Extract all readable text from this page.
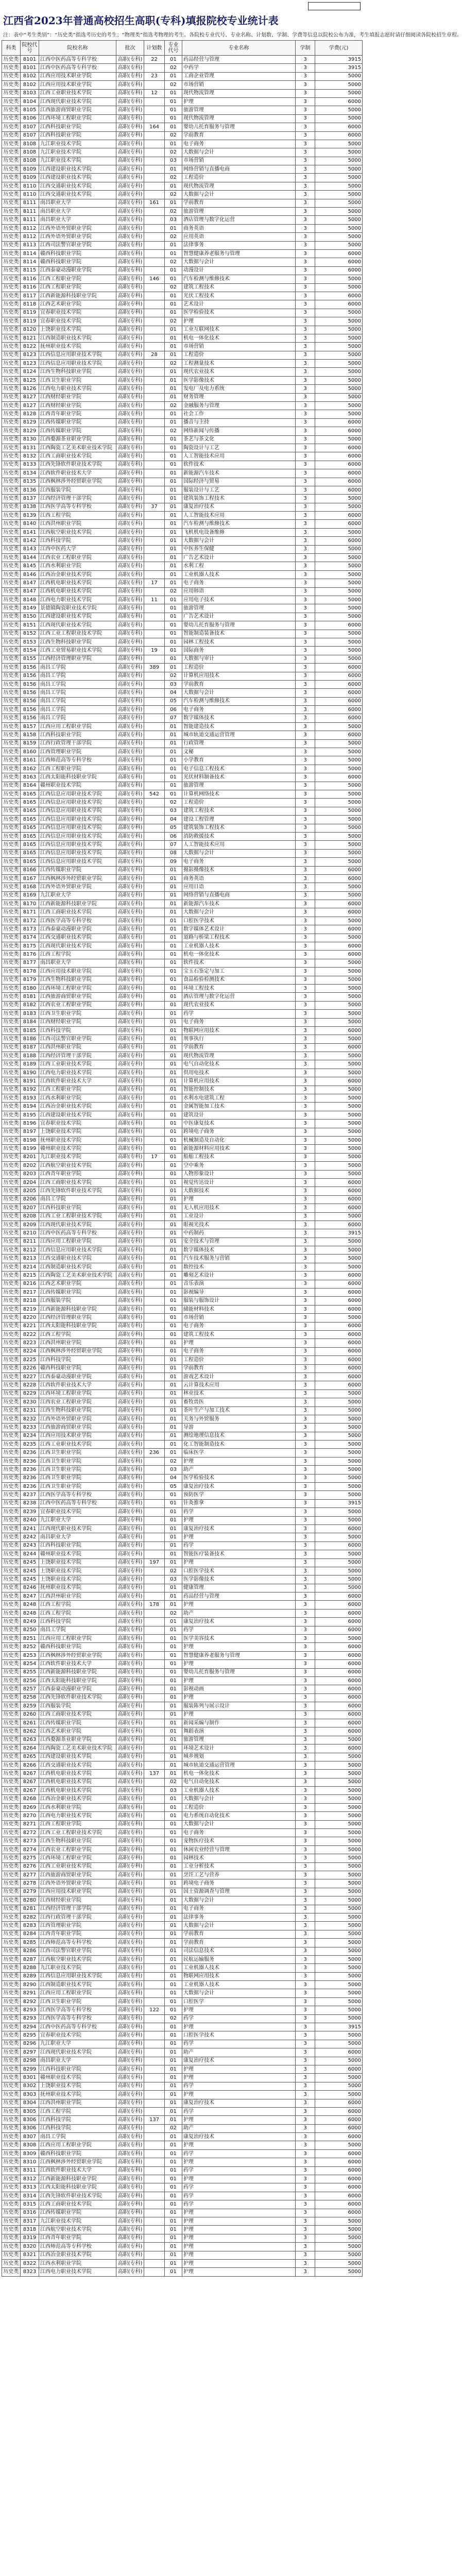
江西省2023年普通高校招生高职(专科)填报院校专业统计表
注：表中“考生类别”：“历史类”指选考历史的考生；“物理类”指选考物理的考生。各院校专业代号、专业名称、计划数、学制、学费等信息以院校公布为准，考生填报志愿时请仔细阅读各院校招生章程。
科类	院校代号	院校名称	批次	计划数	专业代号	专业名称	学制	学费(元)
历史类	8101	江西中医药高等专科学校	高职(专科)	22	01	药品经营与管理	3	3915
历史类	8101	江西中医药高等专科学校	高职(专科)		02	中药学	3	3915
历史类	8102	江西应用技术职业学院	高职(专科)	23	01	工商企业管理	3	5000
历史类	8102	江西应用技术职业学院	高职(专科)		02	市场营销	3	5000
历史类	8103	江西工业职业技术学院	高职(专科)	12	01	现代物流管理	3	5000
历史类	8104	江西现代职业技术学院	高职(专科)		01	护理	3	6000
历史类	8105	江西旅游商贸职业学院	高职(专科)		01	旅游管理	3	5000
历史类	8106	江西环境工程职业学院	高职(专科)		01	现代物流管理	3	5000
历史类	8107	江西科技职业学院	高职(专科)	164	01	婴幼儿托育服务与管理	3	6000
历史类	8107	江西科技职业学院	高职(专科)		02	学前教育	3	6000
历史类	8108	九江职业技术学院	高职(专科)		01	电子商务	3	5000
历史类	8108	九江职业技术学院	高职(专科)		02	大数据与会计	3	5000
历史类	8108	九江职业技术学院	高职(专科)		03	市场营销	3	5000
历史类	8109	江西建设职业技术学院	高职(专科)		01	网络营销与直播电商	3	5000
历史类	8109	江西建设职业技术学院	高职(专科)		02	工程造价	3	5000
历史类	8110	江西交通职业技术学院	高职(专科)		01	现代物流管理	3	5000
历史类	8110	江西交通职业技术学院	高职(专科)		02	大数据与会计	3	5000
历史类	8111	南昌职业大学	高职(专科)	161	01	学前教育	3	5000
历史类	8111	南昌职业大学	高职(专科)		02	旅游管理	3	5000
历史类	8111	南昌职业大学	高职(专科)		03	酒店管理与数字化运营	3	5000
历史类	8112	江西外语外贸职业学院	高职(专科)		01	商务英语	3	5000
历史类	8112	江西外语外贸职业学院	高职(专科)		02	应用英语	3	5000
历史类	8113	江西司法警官职业学院	高职(专科)		01	法律事务	3	5000
历史类	8114	赣西科技职业学院	高职(专科)		01	智慧健康养老服务与管理	3	6000
历史类	8114	赣西科技职业学院	高职(专科)		02	大数据与会计	3	6000
历史类	8115	江西泰豪动漫职业学院	高职(专科)		01	动漫设计	3	6000
历史类	8116	江西工程职业学院	高职(专科)	146	01	汽车检测与维修技术	3	5000
历史类	8116	江西工程职业学院	高职(专科)		02	建筑工程技术	3	5000
历史类	8117	江西新能源科技职业学院	高职(专科)		01	光伏工程技术	3	6000
历史类	8118	江西艺术职业学院	高职(专科)		01	艺术设计	3	6000
历史类	8119	宜春职业技术学院	高职(专科)		01	医学检验技术	3	5000
历史类	8119	宜春职业技术学院	高职(专科)		02	护理	3	5000
历史类	8120	上饶职业技术学院	高职(专科)		01	工业互联网技术	3	5000
历史类	8121	江西制造职业技术学院	高职(专科)		01	机电一体化技术	3	5000
历史类	8122	抚州职业技术学院	高职(专科)		01	市场营销	3	5000
历史类	8123	江西信息应用职业技术学院	高职(专科)	28	01	工程造价	3	5000
历史类	8123	江西信息应用职业技术学院	高职(专科)		02	工程测量技术	3	5000
历史类	8124	江西生物科技职业学院	高职(专科)		01	现代农业技术	3	5000
历史类	8125	江西卫生职业学院	高职(专科)		01	医学影像技术	3	5000
历史类	8126	江西电力职业技术学院	高职(专科)		01	发电厂及电力系统	3	5000
历史类	8127	江西财经职业学院	高职(专科)		01	财务管理	3	5000
历史类	8127	江西财经职业学院	高职(专科)		02	金融服务与管理	3	5000
历史类	8128	江西青年职业学院	高职(专科)		01	社会工作	3	5000
历史类	8129	江西传媒职业学院	高职(专科)		01	播音与主持	3	6000
历史类	8129	江西传媒职业学院	高职(专科)		02	网络新闻与传播	3	6000
历史类	8130	江西婺源茶业职业学院	高职(专科)		01	茶艺与茶文化	3	5000
历史类	8131	江西陶瓷工艺美术职业技术学院	高职(专科)		01	陶瓷设计与工艺	3	6000
历史类	8132	江西工商职业技术学院	高职(专科)		01	人工智能技术应用	3	6000
历史类	8133	江西先锋软件职业技术学院	高职(专科)		01	软件技术	3	6000
历史类	8134	江西软件职业技术大学	高职(专科)		01	新能源汽车技术	3	6000
历史类	8135	江西枫林涉外经贸职业学院	高职(专科)		01	国际经济与贸易	3	6000
历史类	8136	江西服装学院	高职(专科)		01	服装设计与工艺	3	6000
历史类	8137	江西经济管理干部学院	高职(专科)		01	建筑装饰工程技术	3	5000
历史类	8138	江西医学高等专科学校	高职(专科)	37	01	康复治疗技术	3	5000
历史类	8139	江西工程学院	高职(专科)		01	人工智能技术应用	3	6000
历史类	8140	江西洪州职业学院	高职(专科)		01	汽车检测与维修技术	3	6000
历史类	8141	江西航空职业技术学院	高职(专科)		01	飞机机电设备维修	3	5000
历史类	8142	江西科技学院	高职(专科)		01	大数据与会计	3	6000
历史类	8143	江西中医药大学	高职(专科)		01	中医养生保健	3	5000
历史类	8144	江西农业工程职业学院	高职(专科)		01	广告艺术设计	3	5000
历史类	8145	江西水利职业学院	高职(专科)		01	水利工程	3	5000
历史类	8146	江西冶金职业技术学院	高职(专科)		01	工业机器人技术	3	5000
历史类	8147	江西机电职业技术学院	高职(专科)	17	01	电子商务	3	5000
历史类	8147	江西机电职业技术学院	高职(专科)		02	应用韩语	3	5000
历史类	8148	江西电力职业技术学院	高职(专科)	11	01	应用电子技术	3	5000
历史类	8149	景德镇陶瓷职业技术学院	高职(专科)		01	旅游管理	3	5000
历史类	8150	江西建设职业技术学院	高职(专科)		01	广告艺术设计	3	5000
历史类	8151	江西现代职业技术学院	高职(专科)		01	婴幼儿托育服务与管理	3	6000
历史类	8152	江西工业工程职业技术学院	高职(专科)		01	智能制造装备技术	3	5000
历史类	8153	江西生物科技职业学院	高职(专科)		01	园林工程技术	3	5000
历史类	8154	江西工业贸易职业技术学院	高职(专科)	19	01	国际商务	3	5000
历史类	8155	江西经济管理职业学院	高职(专科)		01	大数据与审计	3	5000
历史类	8156	南昌工学院	高职(专科)	389	01	工程造价	3	6000
历史类	8156	南昌工学院	高职(专科)		02	计算机应用技术	3	6000
历史类	8156	南昌工学院	高职(专科)		03	学前教育	3	6000
历史类	8156	南昌工学院	高职(专科)		04	大数据与会计	3	6000
历史类	8156	南昌工学院	高职(专科)		05	汽车检测与维修技术	3	6000
历史类	8156	南昌工学院	高职(专科)		06	电子商务	3	6000
历史类	8156	南昌工学院	高职(专科)		07	数字媒体技术	3	6000
历史类	8157	江西应用工程职业学院	高职(专科)		01	智能建造技术	3	5000
历史类	8158	江西科技职业学院	高职(专科)		01	城市轨道交通运营管理	3	6000
历史类	8159	江西行政管理干部学院	高职(专科)		01	行政管理	3	5000
历史类	8160	江西管理职业学院	高职(专科)		01	文秘	3	5000
历史类	8161	江西师范高等专科学校	高职(专科)		01	小学教育	3	5000
历史类	8162	江西工程职业学院	高职(专科)		01	电子信息工程技术	3	5000
历史类	8163	江西太阳能科技职业学院	高职(专科)		01	光伏材料制备技术	3	6000
历史类	8164	赣州职业技术学院	高职(专科)		01	旅游管理	3	5000
历史类	8165	江西信息应用职业技术学院	高职(专科)	542	01	计算机网络技术	3	5000
历史类	8165	江西信息应用职业技术学院	高职(专科)		02	工程造价	3	5000
历史类	8165	江西信息应用职业技术学院	高职(专科)		03	建筑工程技术	3	5000
历史类	8165	江西信息应用职业技术学院	高职(专科)		04	建设工程管理	3	5000
历史类	8165	江西信息应用职业技术学院	高职(专科)		05	建筑装饰工程技术	3	5000
历史类	8165	江西信息应用职业技术学院	高职(专科)		06	消防救援技术	3	5000
历史类	8165	江西信息应用职业技术学院	高职(专科)		07	人工智能技术应用	3	5000
历史类	8165	江西信息应用职业技术学院	高职(专科)		08	大数据与会计	3	5000
历史类	8165	江西信息应用职业技术学院	高职(专科)		09	电子商务	3	5000
历史类	8166	江西传媒职业学院	高职(专科)		01	摄影摄像技术	3	6000
历史类	8167	江西枫林涉外经贸职业学院	高职(专科)		01	商务英语	3	6000
历史类	8168	江西外语外贸职业学院	高职(专科)		01	应用日语	3	5000
历史类	8169	九江职业大学	高职(专科)		01	网络营销与直播电商	3	5000
历史类	8170	江西新能源科技职业学院	高职(专科)		01	新能源汽车技术	3	6000
历史类	8171	江西工商职业技术学院	高职(专科)		01	大数据与会计	3	6000
历史类	8172	江西医学高等专科学校	高职(专科)		01	口腔医学技术	3	5000
历史类	8173	江西泰豪动漫职业学院	高职(专科)		01	数字媒体艺术设计	3	6000
历史类	8174	江西交通职业技术学院	高职(专科)		01	道路与桥梁工程技术	3	5000
历史类	8175	江西现代职业技术学院	高职(专科)		01	工业机器人技术	3	6000
历史类	8176	江西工程学院	高职(专科)		01	机电一体化技术	3	6000
历史类	8177	南昌职业大学	高职(专科)		01	软件技术	3	5000
历史类	8178	江西应用技术职业学院	高职(专科)		01	宝玉石鉴定与加工	3	5000
历史类	8179	江西生物科技职业学院	高职(专科)		01	食品检验检测技术	3	5000
历史类	8180	江西环境工程职业学院	高职(专科)		01	环境工程技术	3	5000
历史类	8181	江西旅游商贸职业学院	高职(专科)		01	酒店管理与数字化运营	3	5000
历史类	8182	江西农业工程职业学院	高职(专科)		01	现代农业技术	3	5000
历史类	8183	江西卫生职业学院	高职(专科)		01	药学	3	5000
历史类	8184	江西财经职业学院	高职(专科)		01	电子商务	3	5000
历史类	8185	江西科技学院	高职(专科)		01	物联网应用技术	3	6000
历史类	8186	江西司法警官职业学院	高职(专科)		01	刑事执行	3	5000
历史类	8187	江西洪州职业学院	高职(专科)		01	学前教育	3	6000
历史类	8188	江西经济管理干部学院	高职(专科)		01	现代物流管理	3	5000
历史类	8189	江西工业职业技术学院	高职(专科)		01	电气自动化技术	3	5000
历史类	8190	江西电力职业技术学院	高职(专科)		01	供用电技术	3	5000
历史类	8191	江西软件职业技术大学	高职(专科)		01	计算机应用技术	3	6000
历史类	8192	江西工程职业学院	高职(专科)		01	智能控制技术	3	5000
历史类	8193	江西水利职业学院	高职(专科)		01	水利水电建筑工程	3	5000
历史类	8194	江西冶金职业技术学院	高职(专科)		01	金属智能加工技术	3	5000
历史类	8195	江西建设职业技术学院	高职(专科)		01	建筑设计	3	5000
历史类	8196	宜春职业技术学院	高职(专科)		01	中医康复技术	3	5000
历史类	8197	上饶职业技术学院	高职(专科)		01	跨境电子商务	3	5000
历史类	8198	抚州职业技术学院	高职(专科)		01	机械制造及自动化	3	5000
历史类	8199	赣州职业技术学院	高职(专科)		01	新能源材料应用技术	3	5000
历史类	8201	九江职业技术学院	高职(专科)	17	01	船舶工程技术	3	5000
历史类	8202	江西航空职业技术学院	高职(专科)		01	空中乘务	3	5000
历史类	8203	江西青年职业学院	高职(专科)		01	人物形象设计	3	5000
历史类	8204	江西工商职业技术学院	高职(专科)		01	视觉传达设计	3	6000
历史类	8205	江西先锋软件职业技术学院	高职(专科)		01	大数据技术	3	6000
历史类	8206	南昌工学院	高职(专科)		01	护理	3	6000
历史类	8207	江西科技职业学院	高职(专科)		01	无人机应用技术	3	6000
历史类	8208	江西工业工程职业技术学院	高职(专科)		01	工业设计	3	5000
历史类	8209	江西现代职业技术学院	高职(专科)		01	眼视光技术	3	6000
历史类	8210	江西中医药高等专科学校	高职(专科)		01	中药制药	3	3915
历史类	8211	江西应用工程职业学院	高职(专科)		01	安全技术与管理	3	5000
历史类	8212	江西信息应用职业技术学院	高职(专科)		01	数字媒体技术	3	5000
历史类	8213	江西交通职业技术学院	高职(专科)		01	汽车技术服务与营销	3	5000
历史类	8214	江西制造职业技术学院	高职(专科)		01	数控技术	3	5000
历史类	8215	江西陶瓷工艺美术职业技术学院	高职(专科)		01	雕刻艺术设计	3	6000
历史类	8216	江西艺术职业学院	高职(专科)		01	音乐表演	3	6000
历史类	8217	江西传媒职业学院	高职(专科)		01	影视编导	3	6000
历史类	8218	江西服装学院	高职(专科)		01	服装与服饰设计	3	6000
历史类	8219	江西新能源科技职业学院	高职(专科)		01	储能材料技术	3	6000
历史类	8220	江西经济管理职业学院	高职(专科)		01	市场营销	3	5000
历史类	8221	江西太阳能科技职业学院	高职(专科)		01	电子商务	3	6000
历史类	8222	江西工程学院	高职(专科)		01	建筑工程技术	3	6000
历史类	8223	江西洪州职业学院	高职(专科)		01	护理	3	6000
历史类	8224	江西枫林涉外经贸职业学院	高职(专科)		01	电子商务	3	6000
历史类	8225	江西科技学院	高职(专科)		01	工程造价	3	6000
历史类	8226	赣西科技职业学院	高职(专科)		01	学前教育	3	6000
历史类	8227	江西泰豪动漫职业学院	高职(专科)		01	游戏艺术设计	3	6000
历史类	8228	江西软件职业技术大学	高职(专科)		01	云计算技术应用	3	6000
历史类	8229	江西环境工程职业学院	高职(专科)		01	林业技术	3	5000
历史类	8230	江西农业工程职业学院	高职(专科)		01	畜牧兽医	3	5000
历史类	8231	江西生物科技职业学院	高职(专科)		01	茶叶生产与加工技术	3	5000
历史类	8232	江西外语外贸职业学院	高职(专科)		01	关务与外贸服务	3	5000
历史类	8233	江西旅游商贸职业学院	高职(专科)		01	导游	3	5000
历史类	8234	江西应用技术职业学院	高职(专科)		01	测绘地理信息技术	3	5000
历史类	8235	江西工业职业技术学院	高职(专科)		01	化工智能制造技术	3	5000
历史类	8236	江西卫生职业学院	高职(专科)	236	01	临床医学	3	5000
历史类	8236	江西卫生职业学院	高职(专科)		02	护理	3	5000
历史类	8236	江西卫生职业学院	高职(专科)		03	助产	3	5000
历史类	8236	江西卫生职业学院	高职(专科)		04	医学检验技术	3	5000
历史类	8236	江西卫生职业学院	高职(专科)		05	康复治疗技术	3	5000
历史类	8237	江西医学高等专科学校	高职(专科)		01	预防医学	3	5000
历史类	8238	江西中医药高等专科学校	高职(专科)		01	针灸推拿	3	3915
历史类	8239	宜春职业技术学院	高职(专科)		01	药学	3	5000
历史类	8240	九江职业大学	高职(专科)		01	护理	3	5000
历史类	8241	江西现代职业技术学院	高职(专科)		01	康复治疗技术	3	6000
历史类	8242	南昌职业大学	高职(专科)		01	护理	3	5000
历史类	8243	江西科技职业学院	高职(专科)		01	药学	3	6000
历史类	8244	赣州职业技术学院	高职(专科)		01	智能医疗装备技术	3	5000
历史类	8245	上饶职业技术学院	高职(专科)	197	01	护理	3	5000
历史类	8245	上饶职业技术学院	高职(专科)		02	口腔医学技术	3	5000
历史类	8245	上饶职业技术学院	高职(专科)		03	医学影像技术	3	5000
历史类	8246	抚州职业技术学院	高职(专科)		01	健康管理	3	5000
历史类	8247	江西洪州职业学院	高职(专科)		01	药品经营与管理	3	6000
历史类	8248	江西工程学院	高职(专科)	178	01	护理	3	6000
历史类	8248	江西工程学院	高职(专科)		02	助产	3	6000
历史类	8249	江西科技学院	高职(专科)		01	康复治疗技术	3	6000
历史类	8250	南昌工学院	高职(专科)		01	药学	3	6000
历史类	8251	江西应用工程职业学院	高职(专科)		01	医学美容技术	3	5000
历史类	8252	赣西科技职业学院	高职(专科)		01	护理	3	6000
历史类	8253	江西枫林涉外经贸职业学院	高职(专科)		01	智慧健康养老服务与管理	3	6000
历史类	8254	江西软件职业技术大学	高职(专科)		01	护理	3	6000
历史类	8255	江西新能源科技职业学院	高职(专科)		01	婴幼儿托育服务与管理	3	6000
历史类	8256	江西太阳能科技职业学院	高职(专科)		01	护理	3	6000
历史类	8257	江西泰豪动漫职业学院	高职(专科)		01	影视动画	3	6000
历史类	8258	江西先锋软件职业技术学院	高职(专科)		01	护理	3	6000
历史类	8259	江西服装学院	高职(专科)		01	服装陈列与展示设计	3	6000
历史类	8260	江西工商职业技术学院	高职(专科)		01	护理	3	6000
历史类	8261	江西传媒职业学院	高职(专科)		01	新闻采编与制作	3	6000
历史类	8262	江西艺术职业学院	高职(专科)		01	舞蹈表演	3	6000
历史类	8263	江西婺源茶业职业学院	高职(专科)		01	旅游管理	3	5000
历史类	8264	江西陶瓷工艺美术职业技术学院	高职(专科)		01	环境艺术设计	3	6000
历史类	8265	江西建设职业技术学院	高职(专科)		01	城乡规划	3	5000
历史类	8266	江西交通职业技术学院	高职(专科)		01	城市轨道交通运营管理	3	5000
历史类	8267	江西机电职业技术学院	高职(专科)	137	01	机电一体化技术	3	5000
历史类	8267	江西机电职业技术学院	高职(专科)		02	电气自动化技术	3	5000
历史类	8267	江西机电职业技术学院	高职(专科)		03	工业机器人技术	3	5000
历史类	8268	江西冶金职业技术学院	高职(专科)		01	大数据与会计	3	5000
历史类	8269	江西水利职业学院	高职(专科)		01	工程造价	3	5000
历史类	8270	江西电力职业技术学院	高职(专科)		01	电力系统自动化技术	3	5000
历史类	8271	江西工程职业学院	高职(专科)		01	大数据与会计	3	5000
历史类	8272	江西工业工程职业技术学院	高职(专科)		01	电子商务	3	5000
历史类	8273	江西生物科技职业学院	高职(专科)		01	宠物医疗技术	3	5000
历史类	8274	江西农业工程职业学院	高职(专科)		01	休闲农业经营与管理	3	5000
历史类	8275	江西环境工程职业学院	高职(专科)		01	园林技术	3	5000
历史类	8276	江西工业职业技术学院	高职(专科)		01	工业分析技术	3	5000
历史类	8277	江西旅游商贸职业学院	高职(专科)		01	烹饪工艺与营养	3	5000
历史类	8278	江西外语外贸职业学院	高职(专科)		01	跨境电子商务	3	5000
历史类	8279	江西应用技术职业学院	高职(专科)		01	国土资源调查与管理	3	5000
历史类	8280	江西财经职业学院	高职(专科)		01	大数据与会计	3	5000
历史类	8281	江西经济管理干部学院	高职(专科)		01	电子商务	3	5000
历史类	8282	江西行政管理干部学院	高职(专科)		01	法律事务	3	5000
历史类	8283	江西管理职业学院	高职(专科)		01	大数据与会计	3	5000
历史类	8284	江西青年职业学院	高职(专科)		01	学前教育	3	5000
历史类	8285	江西师范高等专科学校	高职(专科)		01	学前教育	3	5000
历史类	8286	江西司法警官职业学院	高职(专科)		01	司法信息技术	3	5000
历史类	8287	江西航空职业技术学院	高职(专科)		01	民航运输服务	3	5000
历史类	8288	九江职业技术学院	高职(专科)		01	工业机器人技术	3	5000
历史类	8289	江西信息应用职业技术学院	高职(专科)		01	物联网应用技术	3	5000
历史类	8290	江西制造职业技术学院	高职(专科)		01	工业机器人技术	3	5000
历史类	8291	江西应用工程职业学院	高职(专科)		01	大数据与会计	3	5000
历史类	8292	江西卫生职业学院	高职(专科)		01	口腔医学	3	5000
历史类	8293	江西医学高等专科学校	高职(专科)	122	01	护理	3	5000
历史类	8293	江西医学高等专科学校	高职(专科)		02	药学	3	5000
历史类	8294	江西中医药高等专科学校	高职(专科)		01	护理	3	3915
历史类	8295	宜春职业技术学院	高职(专科)		01	口腔医学技术	3	5000
历史类	8296	九江职业大学	高职(专科)		01	药学	3	5000
历史类	8297	江西现代职业技术学院	高职(专科)		01	助产	3	6000
历史类	8298	南昌职业大学	高职(专科)		01	康复治疗技术	3	5000
历史类	8299	江西科技职业学院	高职(专科)		01	护理	3	6000
历史类	8301	赣州职业技术学院	高职(专科)		01	护理	3	5000
历史类	8302	上饶职业技术学院	高职(专科)		01	药学	3	5000
历史类	8303	抚州职业技术学院	高职(专科)		01	护理	3	5000
历史类	8304	江西洪州职业学院	高职(专科)		01	康复治疗技术	3	6000
历史类	8305	江西工程学院	高职(专科)		01	药学	3	6000
历史类	8306	江西科技学院	高职(专科)	137	01	护理	3	6000
历史类	8306	江西科技学院	高职(专科)		02	助产	3	6000
历史类	8307	南昌工学院	高职(专科)		01	康复治疗技术	3	6000
历史类	8308	江西应用工程职业学院	高职(专科)		01	护理	3	5000
历史类	8309	赣西科技职业学院	高职(专科)		01	药学	3	6000
历史类	8310	江西枫林涉外经贸职业学院	高职(专科)		01	护理	3	6000
历史类	8311	江西软件职业技术大学	高职(专科)		01	药学	3	6000
历史类	8312	江西新能源科技职业学院	高职(专科)		01	护理	3	6000
历史类	8313	江西太阳能科技职业学院	高职(专科)		01	药学	3	6000
历史类	8314	江西先锋软件职业技术学院	高职(专科)		01	药学	3	6000
历史类	8315	江西工商职业技术学院	高职(专科)		01	药学	3	6000
历史类	8316	江西传媒职业学院	高职(专科)		01	护理	3	6000
历史类	8317	九江职业技术学院	高职(专科)		01	护理	3	5000
历史类	8318	江西航空职业技术学院	高职(专科)		01	护理	3	5000
历史类	8319	江西青年职业学院	高职(专科)		01	护理	3	5000
历史类	8320	江西师范高等专科学校	高职(专科)		01	护理	3	5000
历史类	8321	江西冶金职业技术学院	高职(专科)		01	护理	3	5000
历史类	8322	江西水利职业学院	高职(专科)		01	护理	3	5000
历史类	8323	江西电力职业技术学院	高职(专科)		01	护理	3	5000
